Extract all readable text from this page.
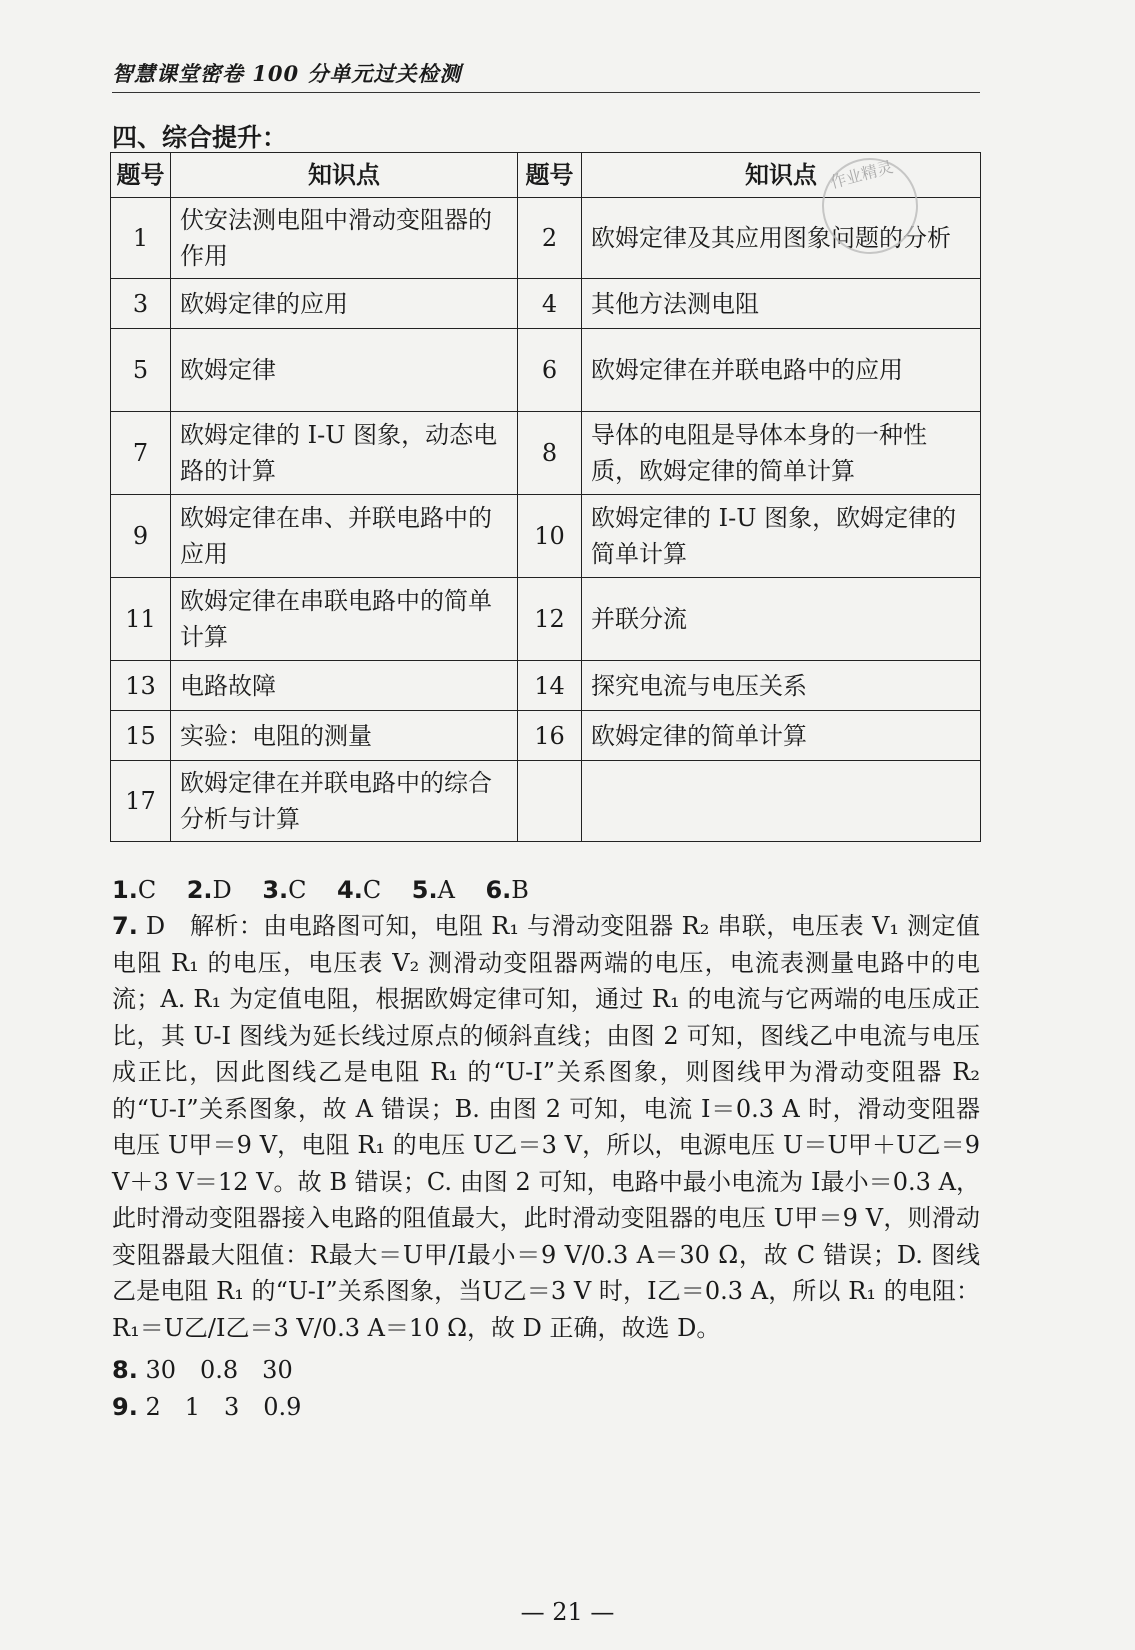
智慧课堂密卷 100 分单元过关检测
四、综合提升：
题号	知识点	题号	知识点
1	伏安法测电阻中滑动变阻器的作用	2	欧姆定律及其应用图象问题的分析
3	欧姆定律的应用	4	其他方法测电阻
5	欧姆定律	6	欧姆定律在并联电路中的应用
7	欧姆定律的 I-U 图象，动态电路的计算	8	导体的电阻是导体本身的一种性质，欧姆定律的简单计算
9	欧姆定律在串、并联电路中的应用	10	欧姆定律的 I-U 图象，欧姆定律的简单计算
11	欧姆定律在串联电路中的简单计算	12	并联分流
13	电路故障	14	探究电流与电压关系
15	实验：电阻的测量	16	欧姆定律的简单计算
17	欧姆定律在并联电路中的综合分析与计算		
作业精灵
1.C 2.D 3.C 4.C 5.A 6.B
7. D　解析：由电路图可知，电阻 R₁ 与滑动变阻器 R₂ 串联，电压表 V₁ 测定值电阻 R₁ 的电压，电压表 V₂ 测滑动变阻器两端的电压，电流表测量电路中的电流；A. R₁ 为定值电阻，根据欧姆定律可知，通过 R₁ 的电流与它两端的电压成正比，其 U-I 图线为延长线过原点的倾斜直线；由图 2 可知，图线乙中电流与电压成正比，因此图线乙是电阻 R₁ 的“U-I”关系图象，则图线甲为滑动变阻器 R₂ 的“U-I”关系图象，故 A 错误；B. 由图 2 可知，电流 I＝0.3 A 时，滑动变阻器电压 U甲＝9 V，电阻 R₁ 的电压 U乙＝3 V，所以，电源电压 U＝U甲＋U乙＝9 V＋3 V＝12 V。故 B 错误；C. 由图 2 可知，电路中最小电流为 I最小＝0.3 A，此时滑动变阻器接入电路的阻值最大，此时滑动变阻器的电压 U甲＝9 V，则滑动变阻器最大阻值：R最大＝U甲/I最小＝9 V/0.3 A＝30 Ω，故 C 错误；D. 图线乙是电阻 R₁ 的“U-I”关系图象，当U乙＝3 V 时，I乙＝0.3 A，所以 R₁ 的电阻：R₁＝U乙/I乙＝3 V/0.3 A＝10 Ω，故 D 正确，故选 D。
8. 30　0.8　30
9. 2　1　3　0.9
— 21 —
